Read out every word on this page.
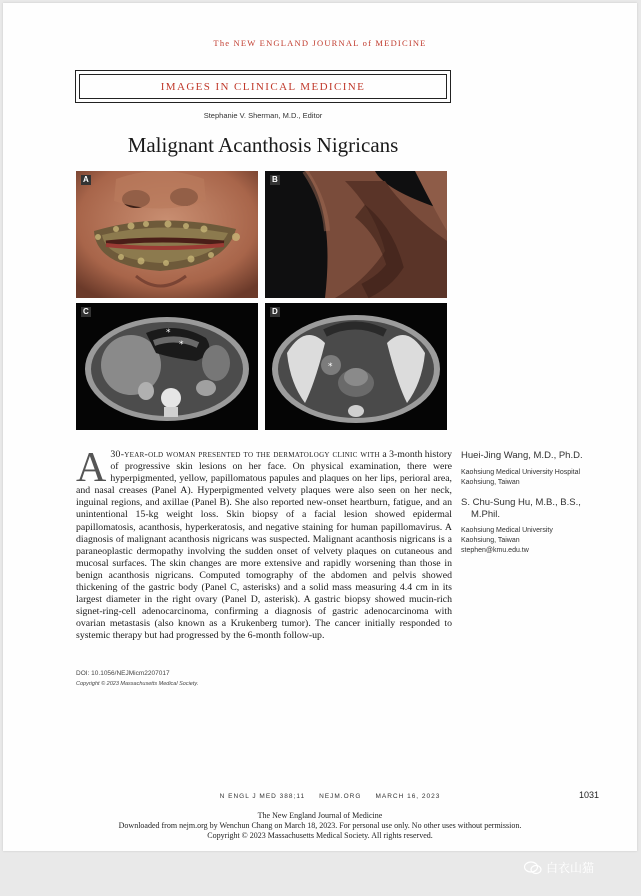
The NEW ENGLAND JOURNAL of MEDICINE
IMAGES IN CLINICAL MEDICINE
Stephanie V. Sherman, M.D., Editor
Malignant Acanthosis Nigricans
A	B
*
*
C
*
D
A 30-year-old woman presented to the dermatology clinic with a 3-month history of progressive skin lesions on her face. On physical examination, there were hyperpigmented, yellow, papillomatous papules and plaques on her lips, perioral area, and nasal creases (Panel A). Hyperpigmented velvety plaques were also seen on her neck, inguinal regions, and axillae (Panel B). She also reported new-onset heartburn, fatigue, and an unintentional 15-kg weight loss. Skin biopsy of a facial lesion showed epidermal papillomatosis, acanthosis, hyperkeratosis, and negative staining for human papillomavirus. A diagnosis of malignant acanthosis nigricans was suspected. Malignant acanthosis nigricans is a paraneoplastic dermopathy involving the sudden onset of velvety plaques on cutaneous and mucosal surfaces. The skin changes are more extensive and rapidly worsening than those in benign acanthosis nigricans. Computed tomography of the abdomen and pelvis showed thickening of the gastric body (Panel C, asterisks) and a solid mass measuring 4.4 cm in its largest diameter in the right ovary (Panel D, asterisk). A gastric biopsy showed mucin-rich signet-ring-cell adenocarcinoma, confirming a diagnosis of gastric adenocarcinoma with ovarian metastasis (also known as a Krukenberg tumor). The cancer initially responded to systemic therapy but had progressed by the 6-month follow-up.
DOI: 10.1056/NEJMicm2207017
Copyright © 2023 Massachusetts Medical Society.
Huei-Jing Wang, M.D., Ph.D.
Kaohsiung Medical University Hospital
Kaohsiung, Taiwan
S. Chu-Sung Hu, M.B., B.S.,
M.Phil.
Kaohsiung Medical University
Kaohsiung, Taiwan
stephen@kmu.edu.tw
N ENGL J MED 388;11     NEJM.ORG     MARCH 16, 2023	1031
The New England Journal of Medicine
Downloaded from nejm.org by Wenchun Chang on March 18, 2023. For personal use only. No other uses without permission.
Copyright © 2023 Massachusetts Medical Society. All rights reserved.
白衣山猫
